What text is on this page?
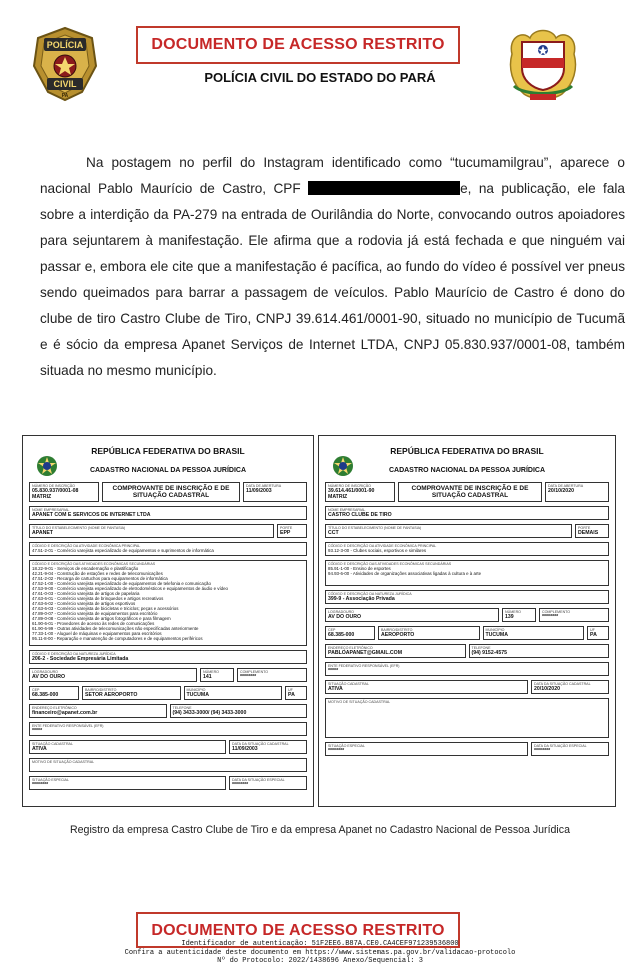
POLÍCIA
CIVIL
PA
DOCUMENTO DE ACESSO RESTRITO
POLÍCIA CIVIL DO ESTADO DO PARÁ
Na postagem no perfil do Instagram identificado como “tucumamilgrau”, aparece o nacional Pablo Maurício de Castro, CPF	e, na publicação, ele fala sobre a interdição da PA-279 na entrada de Ourilândia do Norte, convocando outros apoiadores para sejuntarem à manifestação. Ele afirma que a rodovia já está fechada e que ninguém vai passar e, embora ele cite que a manifestação é pacífica, ao fundo do vídeo é possível ver pneus sendo queimados para barrar a passagem de veículos. Pablo Maurício de Castro é dono do clube de tiro Castro Clube de Tiro, CNPJ 39.614.461/0001-90, situado no município de Tucumã e é sócio da empresa Apanet Serviços de Internet LTDA, CNPJ 05.830.937/0001-08, também situada no mesmo município.
REPÚBLICA FEDERATIVA DO BRASIL
CADASTRO NACIONAL DA PESSOA JURÍDICA
NÚMERO DE INSCRIÇÃO
05.830.937/0001-08
MATRIZ
COMPROVANTE DE INSCRIÇÃO E DE SITUAÇÃO CADASTRAL
DATA DE ABERTURA
11/09/2003
NOME EMPRESARIAL
APANET COM E SERVICOS DE INTERNET LTDA
TÍTULO DO ESTABELECIMENTO (NOME DE FANTASIA)
APANET
PORTE
EPP
CÓDIGO E DESCRIÇÃO DA ATIVIDADE ECONÔMICA PRINCIPAL
47.51-2-01 - Comércio varejista especializado de equipamentos e suprimentos de informática
CÓDIGO E DESCRIÇÃO DAS ATIVIDADES ECONÔMICAS SECUNDÁRIAS
18.22-9-01 - Serviços de encadernação e plastificação
42.21-9-04 - Construção de estações e redes de telecomunicações
47.51-2-02 - Recarga de cartuchos para equipamentos de informática
47.52-1-00 - Comércio varejista especializado de equipamentos de telefonia e comunicação
47.53-9-00 - Comércio varejista especializado de eletrodomésticos e equipamentos de áudio e vídeo
47.61-0-03 - Comércio varejista de artigos de papelaria
47.63-6-01 - Comércio varejista de brinquedos e artigos recreativos
47.63-6-02 - Comércio varejista de artigos esportivos
47.63-6-03 - Comércio varejista de bicicletas e triciclos; peças e acessórios
47.89-0-07 - Comércio varejista de equipamentos para escritório
47.89-0-08 - Comércio varejista de artigos fotográficos e para filmagem
61.90-6-01 - Provedores de acesso às redes de comunicações
61.90-6-99 - Outras atividades de telecomunicações não especificadas anteriormente
77.33-1-00 - Aluguel de máquinas e equipamentos para escritórios
95.11-8-00 - Reparação e manutenção de computadores e de equipamentos periféricos
CÓDIGO E DESCRIÇÃO DA NATUREZA JURÍDICA
206-2 - Sociedade Empresária Limitada
LOGRADOURO
AV DO OURO
NÚMERO
141
COMPLEMENTO
********
CEP
68.385-000
BAIRRO/DISTRITO
SETOR AEROPORTO
MUNICÍPIO
TUCUMA
UF
PA
ENDEREÇO ELETRÔNICO
financeiro@apanet.com.br
TELEFONE
(94) 3433-3000/ (94) 3433-3000
ENTE FEDERATIVO RESPONSÁVEL (EFR)
*****
SITUAÇÃO CADASTRAL
ATIVA
DATA DA SITUAÇÃO CADASTRAL
11/09/2003
MOTIVO DE SITUAÇÃO CADASTRAL
SITUAÇÃO ESPECIAL
********
DATA DA SITUAÇÃO ESPECIAL
********
REPÚBLICA FEDERATIVA DO BRASIL
CADASTRO NACIONAL DA PESSOA JURÍDICA
NÚMERO DE INSCRIÇÃO
39.614.461/0001-90
MATRIZ
COMPROVANTE DE INSCRIÇÃO E DE SITUAÇÃO CADASTRAL
DATA DE ABERTURA
20/10/2020
NOME EMPRESARIAL
CASTRO CLUBE DE TIRO
TÍTULO DO ESTABELECIMENTO (NOME DE FANTASIA)
CCT
PORTE
DEMAIS
CÓDIGO E DESCRIÇÃO DA ATIVIDADE ECONÔMICA PRINCIPAL
93.12-3-00 - Clubes sociais, esportivos e similares
CÓDIGO E DESCRIÇÃO DAS ATIVIDADES ECONÔMICAS SECUNDÁRIAS
85.91-1-00 - Ensino de esportes
94.93-6-00 - Atividades de organizações associativas ligadas à cultura e à arte
CÓDIGO E DESCRIÇÃO DA NATUREZA JURÍDICA
399-9 - Associação Privada
LOGRADOURO
AV DO OURO
NÚMERO
139
COMPLEMENTO
********
CEP
68.385-000
BAIRRO/DISTRITO
AEROPORTO
MUNICÍPIO
TUCUMA
UF
PA
ENDEREÇO ELETRÔNICO
PABLOAPANET@GMAIL.COM
TELEFONE
(94) 9152-4575
ENTE FEDERATIVO RESPONSÁVEL (EFR)
*****
SITUAÇÃO CADASTRAL
ATIVA
DATA DA SITUAÇÃO CADASTRAL
20/10/2020
MOTIVO DE SITUAÇÃO CADASTRAL
SITUAÇÃO ESPECIAL
********
DATA DA SITUAÇÃO ESPECIAL
********
Registro da empresa Castro Clube de Tiro e da empresa Apanet no Cadastro Nacional de Pessoa Jurídica
DOCUMENTO DE ACESSO RESTRITO
Identificador de autenticação: 51F2EE6.B87A.CE0.CA4CEF971239536800
Confira a autenticidade deste documento em https://www.sistemas.pa.gov.br/validacao-protocolo
Nº do Protocolo: 2022/1438696 Anexo/Sequencial: 3
